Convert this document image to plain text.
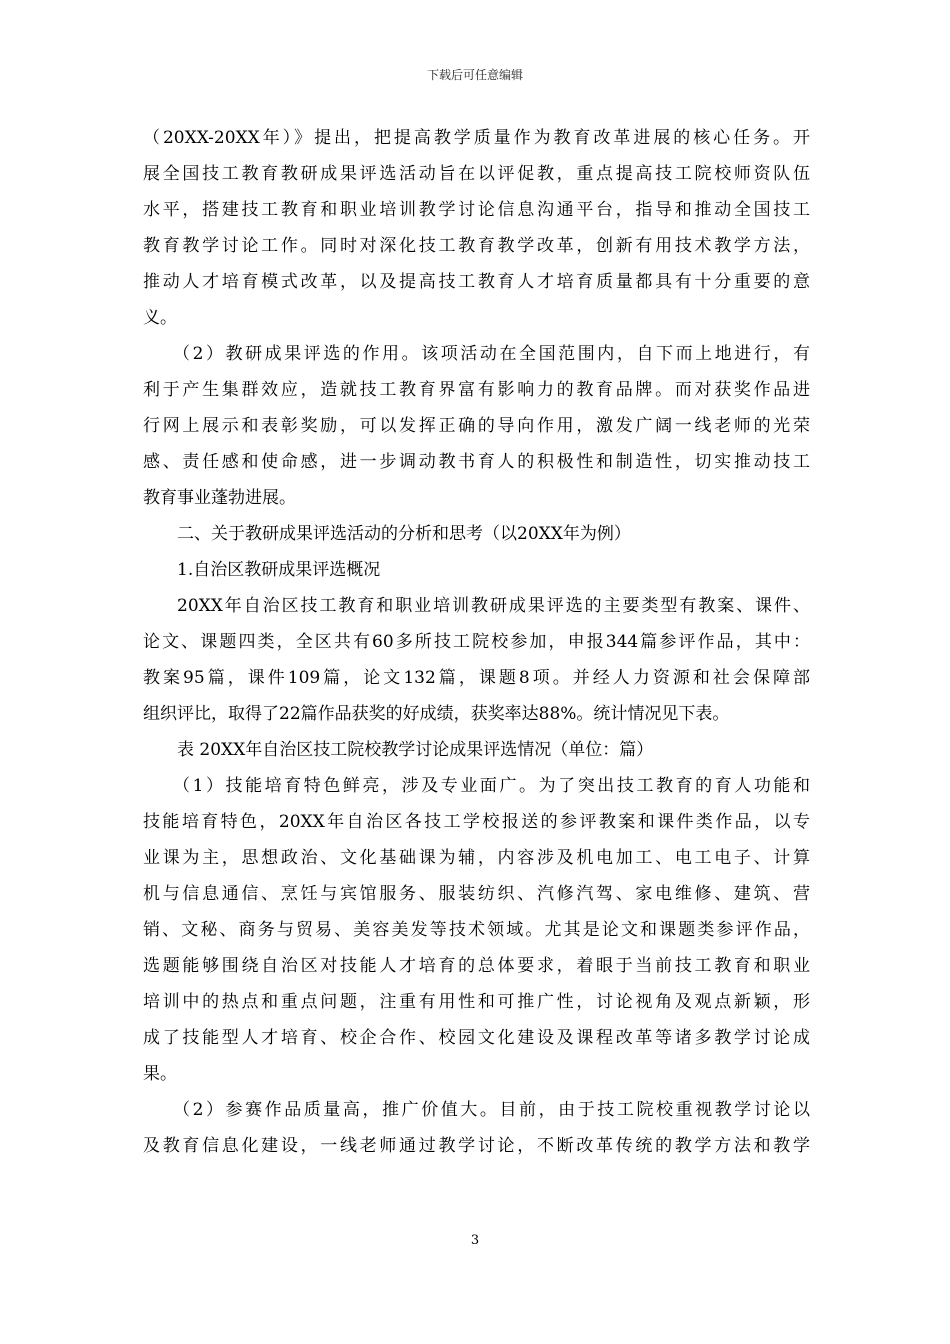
下载后可任意编辑
（20XX-20XX年）》提出，把提高教学质量作为教育改革进展的核心任务。开
展全国技工教育教研成果评选活动旨在以评促教，重点提高技工院校师资队伍
水平，搭建技工教育和职业培训教学讨论信息沟通平台，指导和推动全国技工
教育教学讨论工作。同时对深化技工教育教学改革，创新有用技术教学方法，
推动人才培育模式改革，以及提高技工教育人才培育质量都具有十分重要的意
义。
（2）教研成果评选的作用。该项活动在全国范围内，自下而上地进行，有
利于产生集群效应，造就技工教育界富有影响力的教育品牌。而对获奖作品进
行网上展示和表彰奖励，可以发挥正确的导向作用，激发广阔一线老师的光荣
感、责任感和使命感，进一步调动教书育人的积极性和制造性，切实推动技工
教育事业蓬勃进展。
二、关于教研成果评选活动的分析和思考（以20XX年为例）
1.自治区教研成果评选概况
20XX年自治区技工教育和职业培训教研成果评选的主要类型有教案、课件、
论文、课题四类，全区共有60多所技工院校参加，申报344篇参评作品，其中：
教案95篇，课件109篇，论文132篇，课题8项。并经人力资源和社会保障部
组织评比，取得了22篇作品获奖的好成绩，获奖率达88%。统计情况见下表。
表 20XX年自治区技工院校教学讨论成果评选情况（单位：篇）
（1）技能培育特色鲜亮，涉及专业面广。为了突出技工教育的育人功能和
技能培育特色，20XX年自治区各技工学校报送的参评教案和课件类作品，以专
业课为主，思想政治、文化基础课为辅，内容涉及机电加工、电工电子、计算
机与信息通信、烹饪与宾馆服务、服装纺织、汽修汽驾、家电维修、建筑、营
销、文秘、商务与贸易、美容美发等技术领域。尤其是论文和课题类参评作品，
选题能够围绕自治区对技能人才培育的总体要求，着眼于当前技工教育和职业
培训中的热点和重点问题，注重有用性和可推广性，讨论视角及观点新颖，形
成了技能型人才培育、校企合作、校园文化建设及课程改革等诸多教学讨论成
果。
（2）参赛作品质量高，推广价值大。目前，由于技工院校重视教学讨论以
及教育信息化建设，一线老师通过教学讨论，不断改革传统的教学方法和教学
3
